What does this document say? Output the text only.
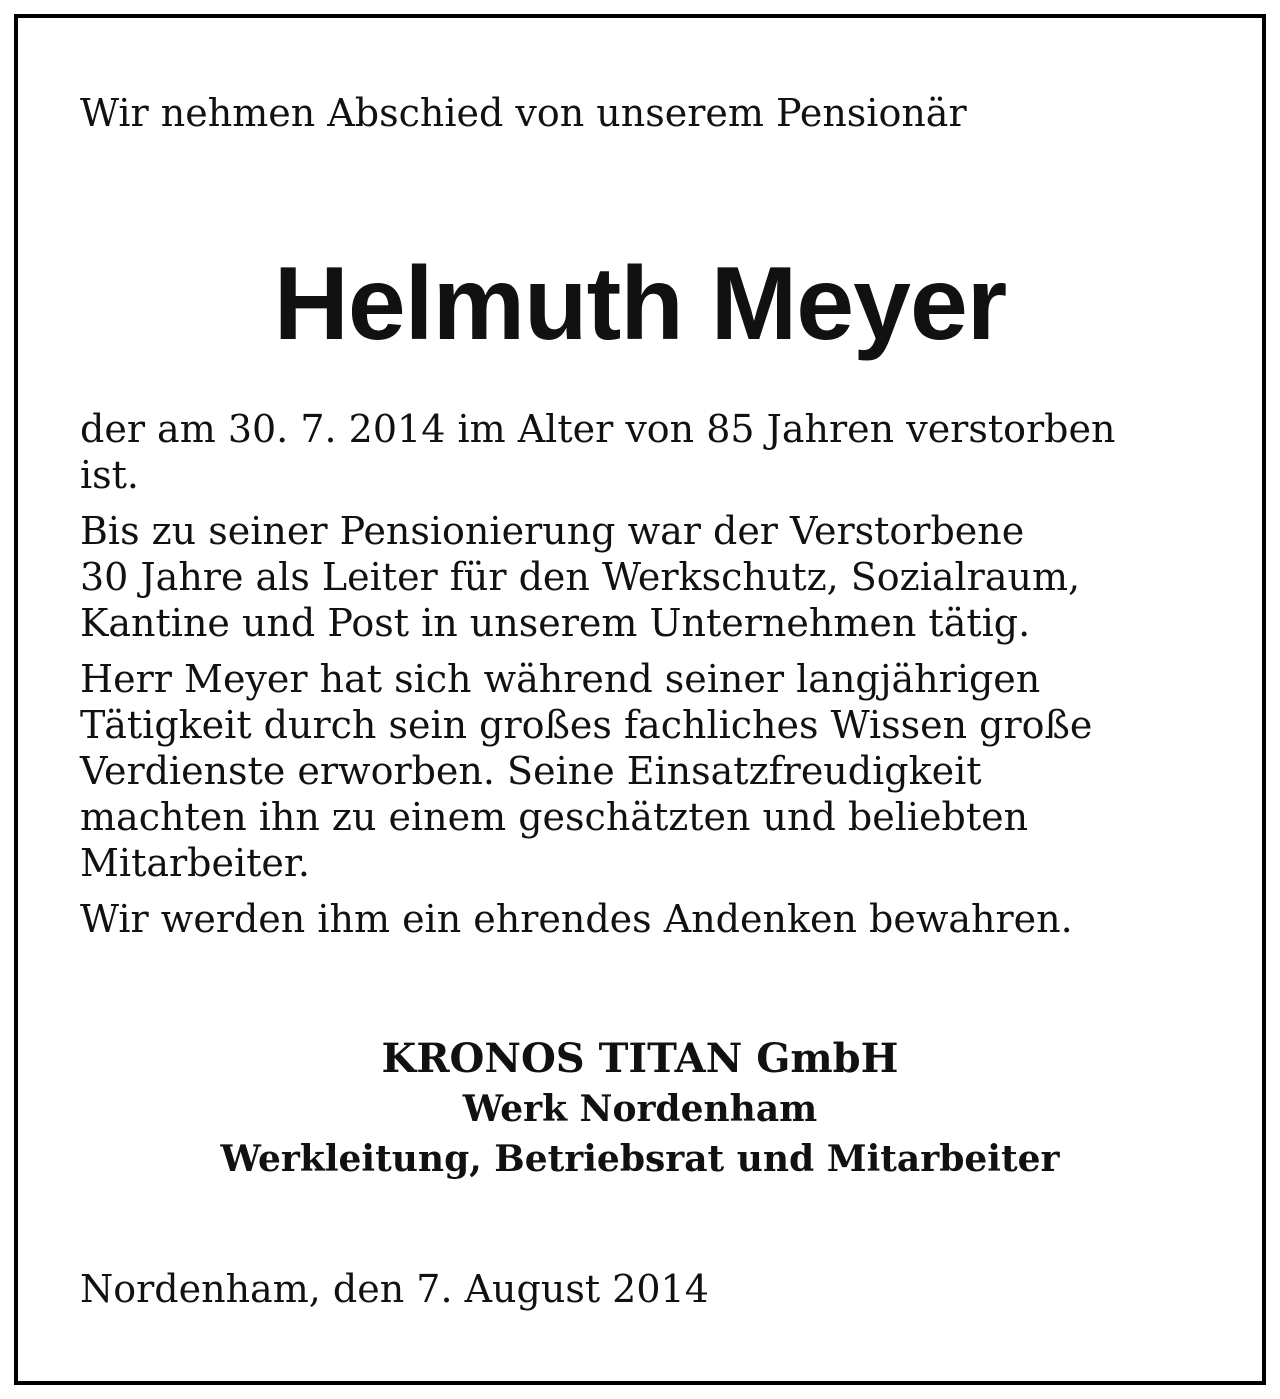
Wir nehmen Abschied von unserem Pensionär
Helmuth Meyer
der am 30. 7. 2014 im Alter von 85 Jahren verstorben
ist.
Bis zu seiner Pensionierung war der Verstorbene
30 Jahre als Leiter für den Werkschutz, Sozialraum,
Kantine und Post in unserem Unternehmen tätig.
Herr Meyer hat sich während seiner langjährigen
Tätigkeit durch sein großes fachliches Wissen große
Verdienste erworben. Seine Einsatzfreudigkeit
machten ihn zu einem geschätzten und beliebten
Mitarbeiter.
Wir werden ihm ein ehrendes Andenken bewahren.
KRONOS TITAN GmbH
Werk Nordenham
Werkleitung, Betriebsrat und Mitarbeiter
Nordenham, den 7. August 2014
